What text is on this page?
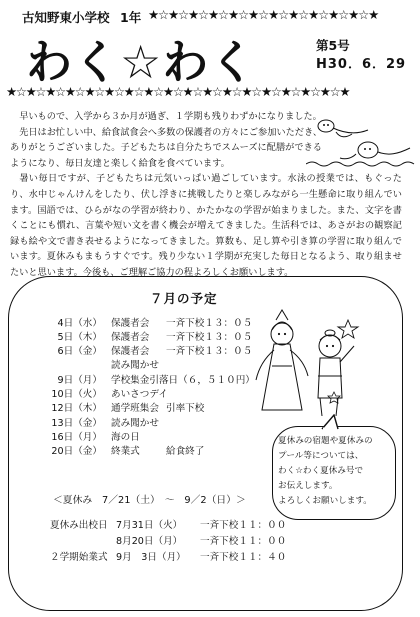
古知野東小学校 1年 ★☆★☆★☆★☆★☆★☆★☆★☆★☆★☆★☆★
わく☆わく	第5号
H30．6．29
★☆★☆★☆★☆★☆★☆★☆★☆★☆★☆★☆★☆★☆★☆★☆★☆★☆★

早いもので、入学から３か月が過ぎ、１学期も残りわずかになりました。

先日はお忙しい中、給食試食会へ多数の保護者の方々にご参加いただき、ありがとうございました。子どもたちは自分たちでスムーズに配膳ができるようになり、毎日友達と楽しく給食を食べています。

暑い毎日ですが、子どもたちは元気いっぱい過ごしています。水泳の授業では、もぐったり、水中じゃんけんをしたり、伏し浮きに挑戦したりと楽しみながら一生懸命に取り組んでいます。国語では、ひらがなの学習が終わり、かたかなの学習が始まりました。また、文字を書くことにも慣れ、言葉や短い文を書く機会が増えてきました。生活科では、あさがおの観察記録も絵や文で書き表せるようになってきました。算数も、足し算や引き算の学習に取り組んでいます。夏休みもまもうすぐです。残り少ない１学期が充実した毎日となるよう、取り組ませたいと思います。今後も、ご理解ご協力の程よろしくお願いします。

７月の予定
4日（水） 保護者会 一斉下校１３：０５
5日（木） 保護者会 一斉下校１３：０５
6日（金） 保護者会 一斉下校１３：０５
読み聞かせ
9日（月） 学校集金引落日（６，５１０円）
10日（火） あいさつデイ
12日（木） 通学班集会 引率下校
13日（金） 読み聞かせ
16日（月） 海の日
20日（金） 終業式	給食終了
夏休みの宿題や夏休みの
プール等については、
わく☆わく夏休み号で
お伝えします。
よろしくお願いします。
＜夏休み　7／21（土）　～　9／2（日）＞
夏休み出校日 7月31日（火） 一斉下校１１：００
8月20日（月） 一斉下校１１：００
２学期始業式 9月　3日（月） 一斉下校１１：４０
